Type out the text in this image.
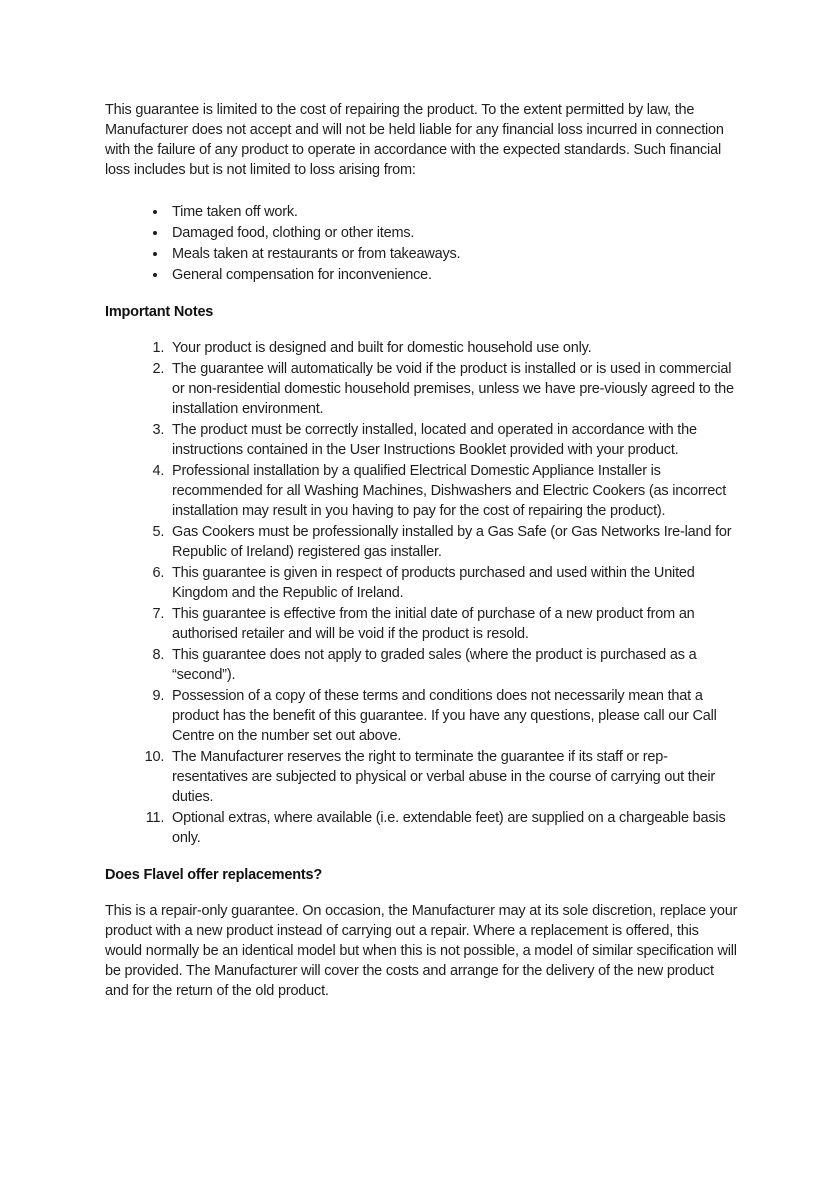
This guarantee is limited to the cost of repairing the product. To the extent permitted by law, the Manufacturer does not accept and will not be held liable for any financial loss incurred in connection with the failure of any product to operate in accordance with the expected standards. Such financial loss includes but is not limited to loss arising from:

• Time taken off work.
• Damaged food, clothing or other items.
• Meals taken at restaurants or from takeaways.
• General compensation for inconvenience.
Important Notes
1. Your product is designed and built for domestic household use only.
2. The guarantee will automatically be void if the product is installed or is used in commercial or non-residential domestic household premises, unless we have pre-viously agreed to the installation environment.
3. The product must be correctly installed, located and operated in accordance with the instructions contained in the User Instructions Booklet provided with your product.
4. Professional installation by a qualified Electrical Domestic Appliance Installer is recommended for all Washing Machines, Dishwashers and Electric Cookers (as incorrect installation may result in you having to pay for the cost of repairing the product).
5. Gas Cookers must be professionally installed by a Gas Safe (or Gas Networks Ire-land for Republic of Ireland) registered gas installer.
6. This guarantee is given in respect of products purchased and used within the United Kingdom and the Republic of Ireland.
7. This guarantee is effective from the initial date of purchase of a new product from an authorised retailer and will be void if the product is resold.
8. This guarantee does not apply to graded sales (where the product is purchased as a “second”).
9. Possession of a copy of these terms and conditions does not necessarily mean that a product has the benefit of this guarantee. If you have any questions, please call our Call Centre on the number set out above.
10. The Manufacturer reserves the right to terminate the guarantee if its staff or rep-resentatives are subjected to physical or verbal abuse in the course of carrying out their duties.
11. Optional extras, where available (i.e. extendable feet) are supplied on a chargeable basis only.
Does Flavel offer replacements?

This is a repair-only guarantee. On occasion, the Manufacturer may at its sole discretion, replace your product with a new product instead of carrying out a repair. Where a replacement is offered, this would normally be an identical model but when this is not possible, a model of similar specification will be provided. The Manufacturer will cover the costs and arrange for the delivery of the new product and for the return of the old product.
